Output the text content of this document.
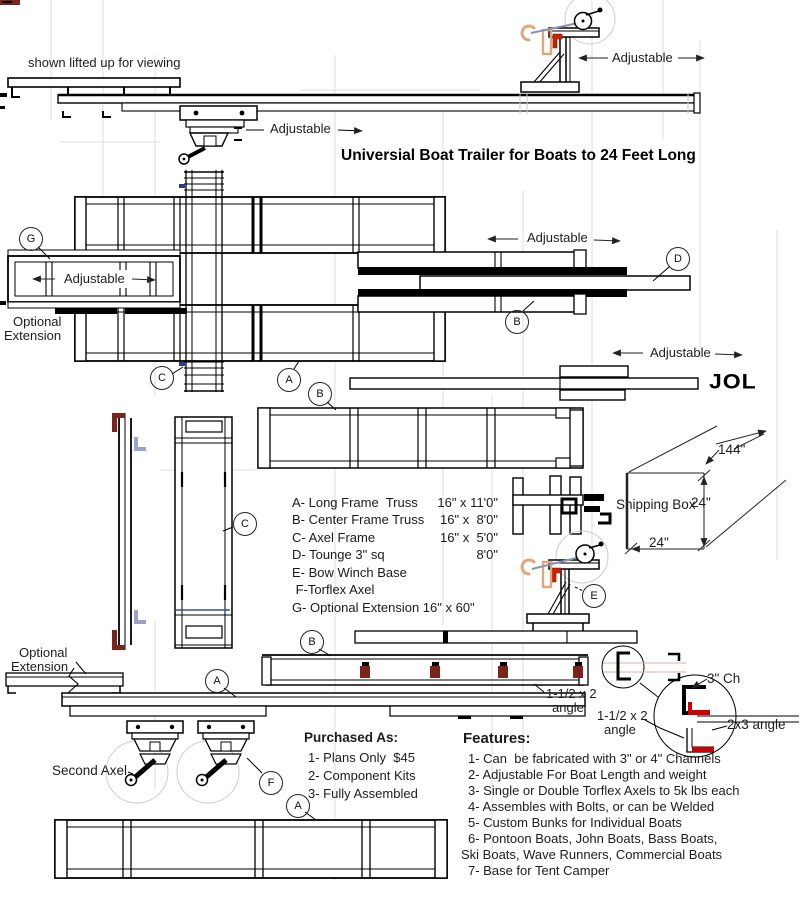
shown lifted up for viewing	Adjustable
Adjustable
Adjustable
Adjustable
Adjustable
Universial Boat Trailer for Boats to 24 Feet Long
Optional
Extension
Optional
Extension
JOL
A- Long Frame  Truss 16" x 11'0"
B- Center Frame Truss 16" x  8'0"
C- Axel Frame	16" x  5'0"
D- Tounge 3" sq	8'0"
E- Bow Winch Base
F-Torflex Axel
G- Optional Extension 16" x 60"
Shipping Box
144"
24"
24"
1-1/2 x 2
angle
3" Ch
1-1/2 x 2
angle	2x3 angle
Second Axel
Purchased As:
1- Plans Only  $45
2- Component Kits
3- Fully Assembled
Features:
1- Can  be fabricated with 3" or 4" Channels
2- Adjustable For Boat Length and weight
3- Single or Double Torflex Axels to 5k lbs each
4- Assembles with Bolts, or can be Welded
5- Custom Bunks for Individual Boats
6- Pontoon Boats, John Boats, Bass Boats,
Ski Boats, Wave Runners, Commercial Boats
7- Base for Tent Camper
G
D
B
C	A
B
C
E
B
A
F
A
